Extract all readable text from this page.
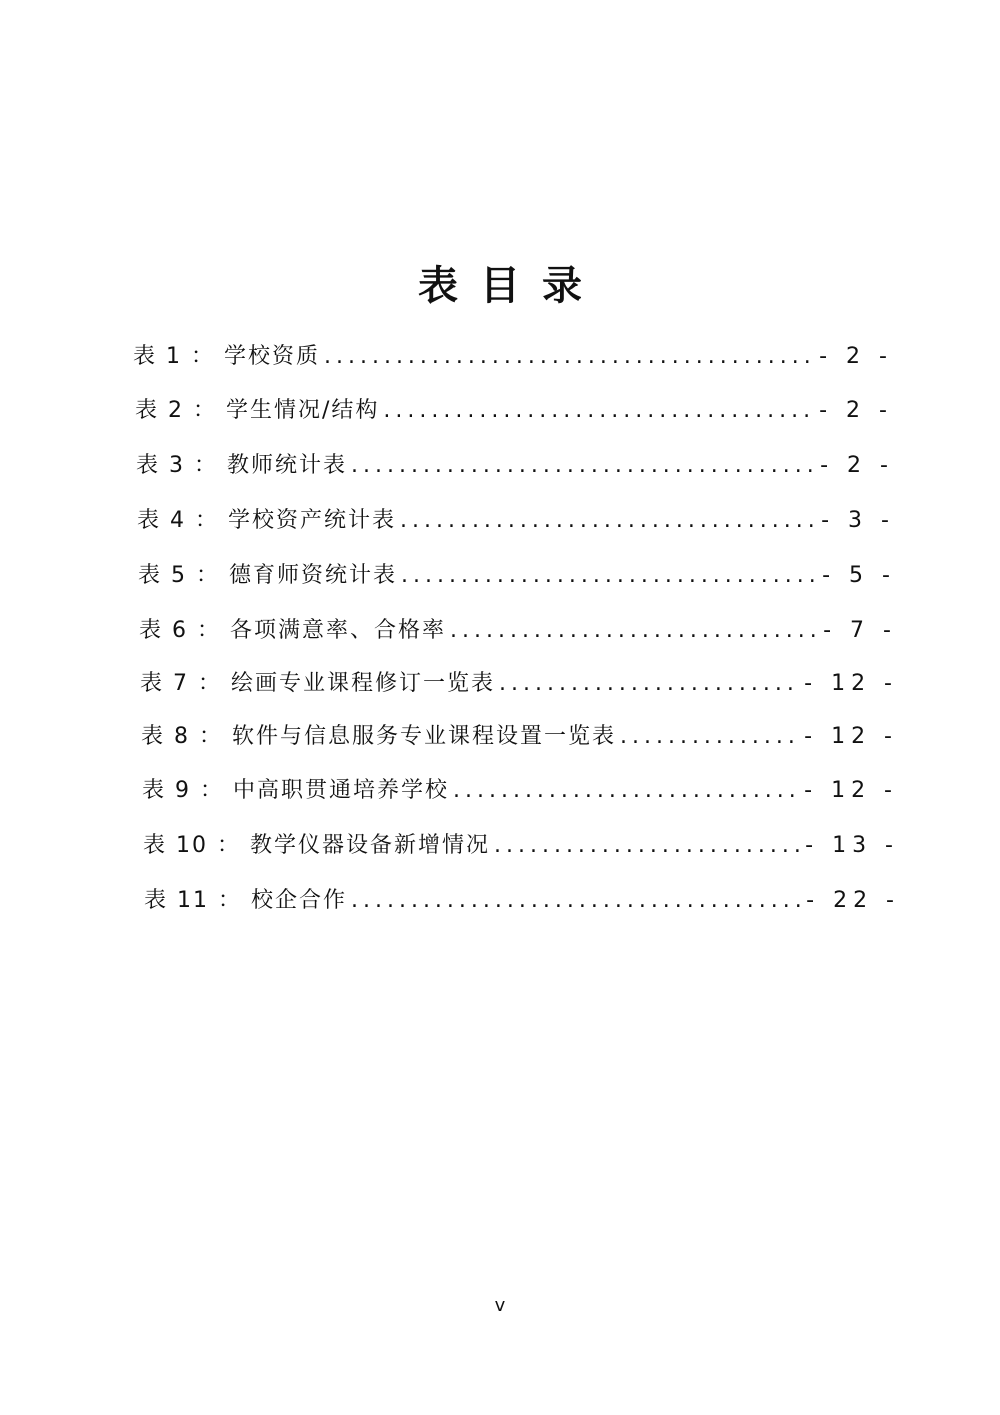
表目录
表 1 ： 学校资质 .....	- 2 -
表 2 ： 学生情况/结构 .....	- 2 -
表 3 ： 教师统计表 .....	- 2 -
表 4 ： 学校资产统计表 .....	- 3 -
表 5 ： 德育师资统计表 .....	- 5 -
表 6 ： 各项满意率、合格率 .....	- 7 -
表 7 ： 绘画专业课程修订一览表 .....	- 12 -
表 8 ： 软件与信息服务专业课程设置一览表 .....	- 12 -
表 9 ： 中高职贯通培养学校 .....	- 12 -
表 10 ： 教学仪器设备新增情况 .....	- 13 -
表 11 ： 校企合作 .....	- 22 -
v
